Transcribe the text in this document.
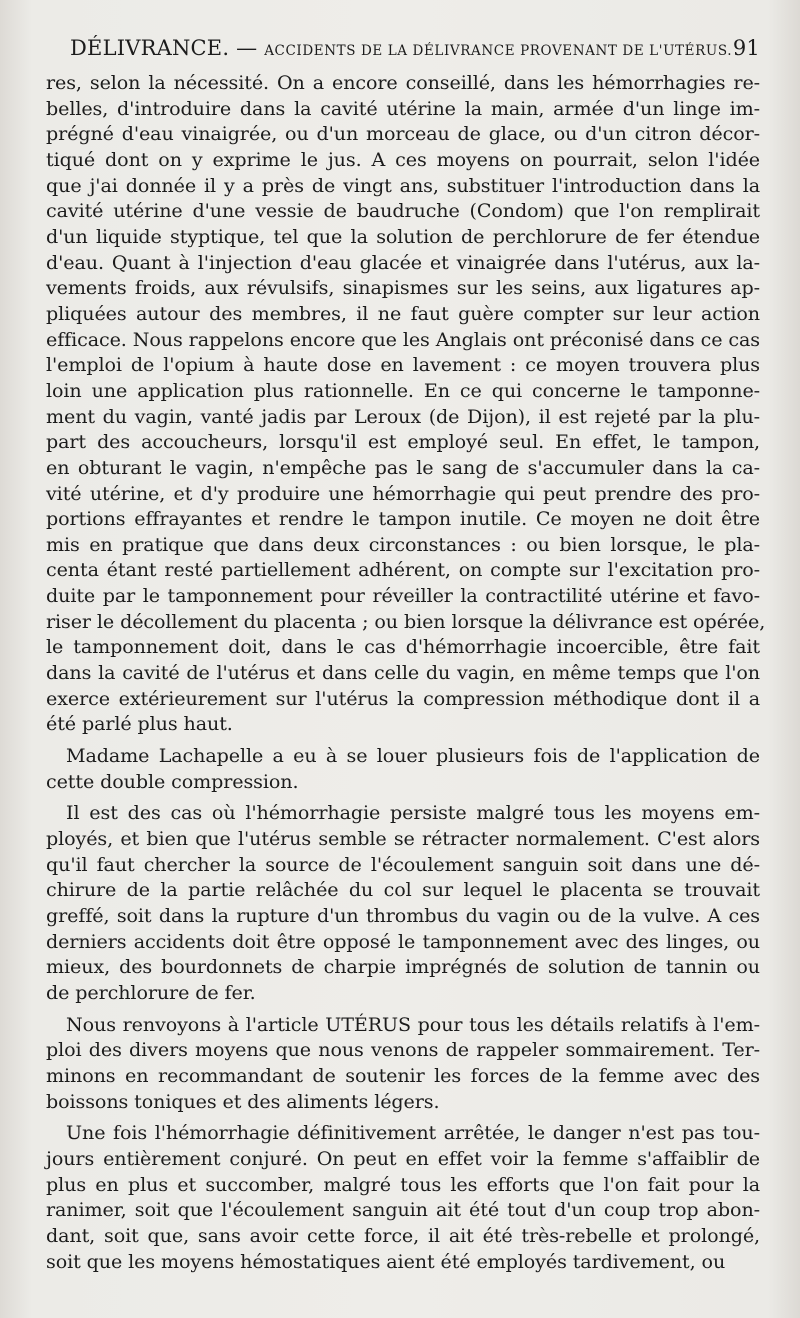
DÉLIVRANCE. — ACCIDENTS DE LA DÉLIVRANCE PROVENANT DE L'UTÉRUS. 91
res, selon la nécessité. On a encore conseillé, dans les hémorrhagies re-
belles, d'introduire dans la cavité utérine la main, armée d'un linge im-
prégné d'eau vinaigrée, ou d'un morceau de glace, ou d'un citron décor-
tiqué dont on y exprime le jus. A ces moyens on pourrait, selon l'idée
que j'ai donnée il y a près de vingt ans, substituer l'introduction dans la
cavité utérine d'une vessie de baudruche (Condom) que l'on remplirait
d'un liquide styptique, tel que la solution de perchlorure de fer étendue
d'eau. Quant à l'injection d'eau glacée et vinaigrée dans l'utérus, aux la-
vements froids, aux révulsifs, sinapismes sur les seins, aux ligatures ap-
pliquées autour des membres, il ne faut guère compter sur leur action
efficace. Nous rappelons encore que les Anglais ont préconisé dans ce cas
l'emploi de l'opium à haute dose en lavement : ce moyen trouvera plus
loin une application plus rationnelle. En ce qui concerne le tamponne-
ment du vagin, vanté jadis par Leroux (de Dijon), il est rejeté par la plu-
part des accoucheurs, lorsqu'il est employé seul. En effet, le tampon,
en obturant le vagin, n'empêche pas le sang de s'accumuler dans la ca-
vité utérine, et d'y produire une hémorrhagie qui peut prendre des pro-
portions effrayantes et rendre le tampon inutile. Ce moyen ne doit être
mis en pratique que dans deux circonstances : ou bien lorsque, le pla-
centa étant resté partiellement adhérent, on compte sur l'excitation pro-
duite par le tamponnement pour réveiller la contractilité utérine et favo-
riser le décollement du placenta ; ou bien lorsque la délivrance est opérée,
le tamponnement doit, dans le cas d'hémorrhagie incoercible, être fait
dans la cavité de l'utérus et dans celle du vagin, en même temps que l'on
exerce extérieurement sur l'utérus la compression méthodique dont il a
été parlé plus haut.
Madame Lachapelle a eu à se louer plusieurs fois de l'application de
cette double compression.
Il est des cas où l'hémorrhagie persiste malgré tous les moyens em-
ployés, et bien que l'utérus semble se rétracter normalement. C'est alors
qu'il faut chercher la source de l'écoulement sanguin soit dans une dé-
chirure de la partie relâchée du col sur lequel le placenta se trouvait
greffé, soit dans la rupture d'un thrombus du vagin ou de la vulve. A ces
derniers accidents doit être opposé le tamponnement avec des linges, ou
mieux, des bourdonnets de charpie imprégnés de solution de tannin ou
de perchlorure de fer.
Nous renvoyons à l'article UTÉRUS pour tous les détails relatifs à l'em-
ploi des divers moyens que nous venons de rappeler sommairement. Ter-
minons en recommandant de soutenir les forces de la femme avec des
boissons toniques et des aliments légers.
Une fois l'hémorrhagie définitivement arrêtée, le danger n'est pas tou-
jours entièrement conjuré. On peut en effet voir la femme s'affaiblir de
plus en plus et succomber, malgré tous les efforts que l'on fait pour la
ranimer, soit que l'écoulement sanguin ait été tout d'un coup trop abon-
dant, soit que, sans avoir cette force, il ait été très-rebelle et prolongé,
soit que les moyens hémostatiques aient été employés tardivement, ou
